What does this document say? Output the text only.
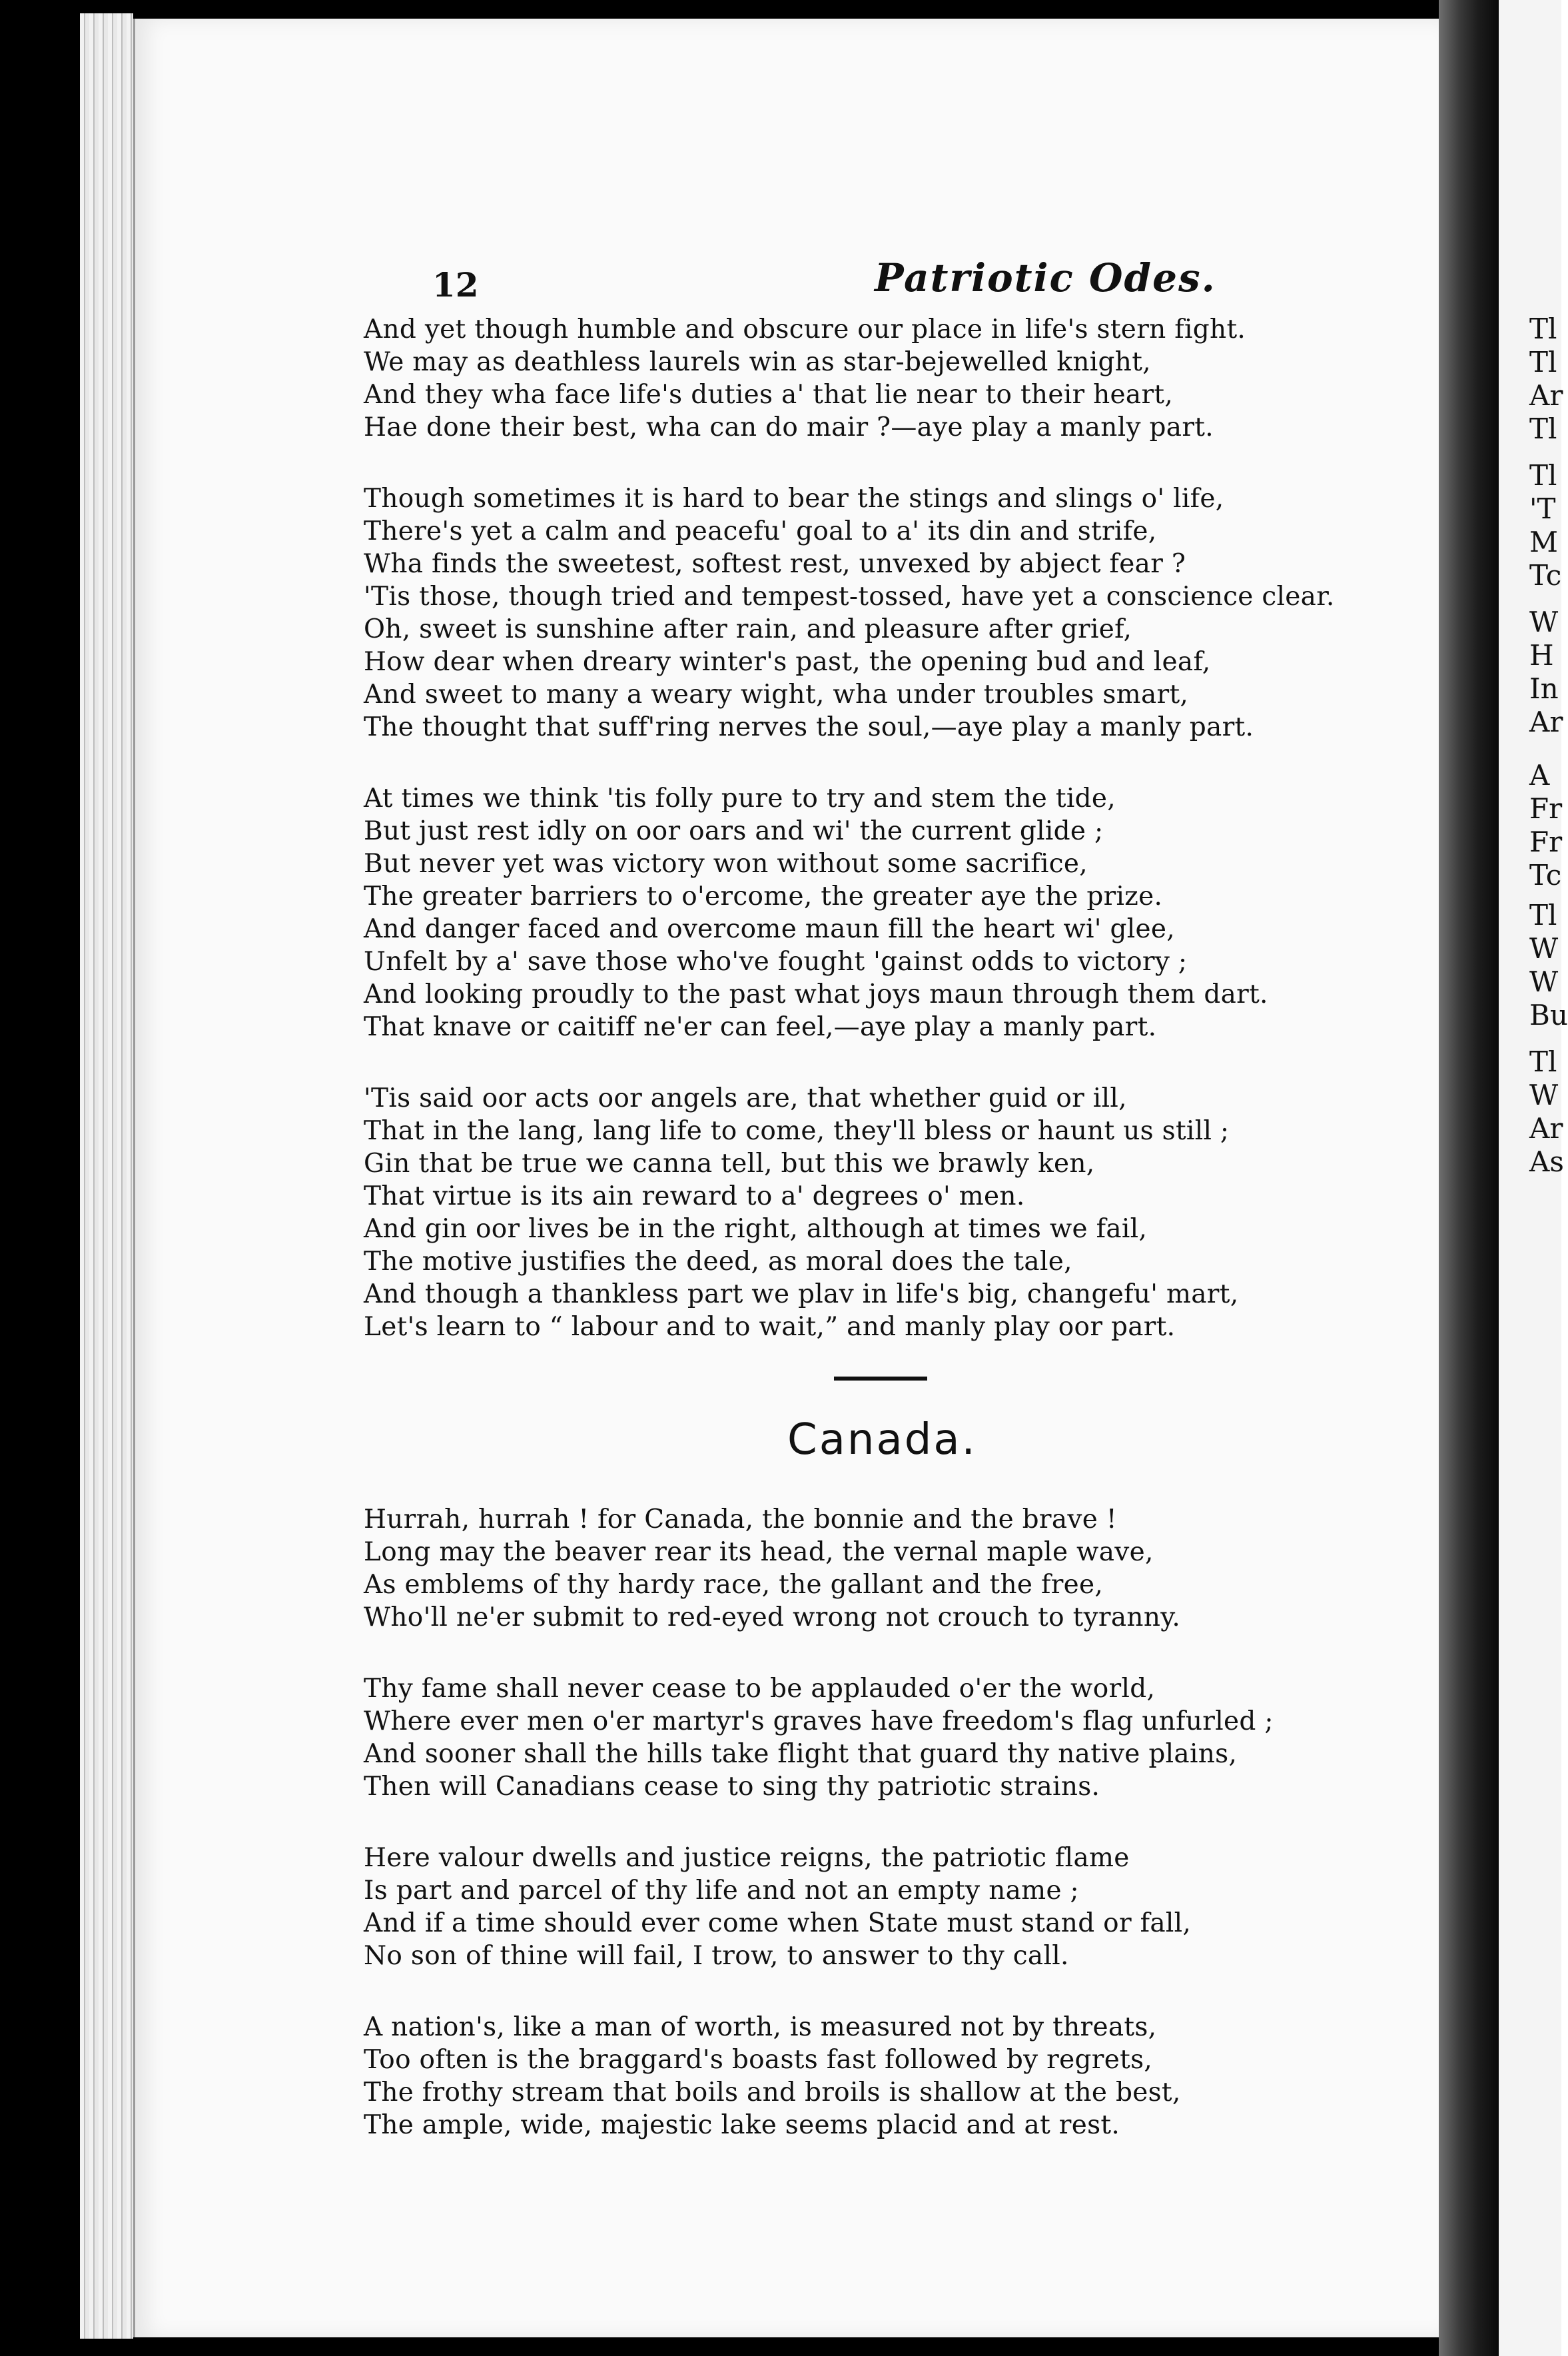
12	Patriotic Odes.
Tl
Tl
Ar
Tl
Tl
'T
M
Tc
W
H
In
Ar
A
Fr
Fr
Tc
Tl
W
W
Bu
Tl
W
Ar
As
And yet though humble and obscure our place in life's stern fight.
We may as deathless laurels win as star-bejewelled knight,
And they wha face life's duties a' that lie near to their heart,
Hae done their best, wha can do mair ?—aye play a manly part.
Though sometimes it is hard to bear the stings and slings o' life,
There's yet a calm and peacefu' goal to a' its din and strife,
Wha finds the sweetest, softest rest, unvexed by abject fear ?
'Tis those, though tried and tempest-tossed, have yet a conscience clear.
Oh, sweet is sunshine after rain, and pleasure after grief,
How dear when dreary winter's past, the opening bud and leaf,
And sweet to many a weary wight, wha under troubles smart,
The thought that suff'ring nerves the soul,—aye play a manly part.
At times we think 'tis folly pure to try and stem the tide,
But just rest idly on oor oars and wi' the current glide ;
But never yet was victory won without some sacrifice,
The greater barriers to o'ercome, the greater aye the prize.
And danger faced and overcome maun fill the heart wi' glee,
Unfelt by a' save those who've fought 'gainst odds to victory ;
And looking proudly to the past what joys maun through them dart.
That knave or caitiff ne'er can feel,—aye play a manly part.
'Tis said oor acts oor angels are, that whether guid or ill,
That in the lang, lang life to come, they'll bless or haunt us still ;
Gin that be true we canna tell, but this we brawly ken,
That virtue is its ain reward to a' degrees o' men.
And gin oor lives be in the right, although at times we fail,
The motive justifies the deed, as moral does the tale,
And though a thankless part we plav in life's big, changefu' mart,
Let's learn to “ labour and to wait,” and manly play oor part.
Canada.
Hurrah, hurrah ! for Canada, the bonnie and the brave !
Long may the beaver rear its head, the vernal maple wave,
As emblems of thy hardy race, the gallant and the free,
Who'll ne'er submit to red-eyed wrong not crouch to tyranny.
Thy fame shall never cease to be applauded o'er the world,
Where ever men o'er martyr's graves have freedom's flag unfurled ;
And sooner shall the hills take flight that guard thy native plains,
Then will Canadians cease to sing thy patriotic strains.
Here valour dwells and justice reigns, the patriotic flame
Is part and parcel of thy life and not an empty name ;
And if a time should ever come when State must stand or fall,
No son of thine will fail, I trow, to answer to thy call.
A nation's, like a man of worth, is measured not by threats,
Too often is the braggard's boasts fast followed by regrets,
The frothy stream that boils and broils is shallow at the best,
The ample, wide, majestic lake seems placid and at rest.
